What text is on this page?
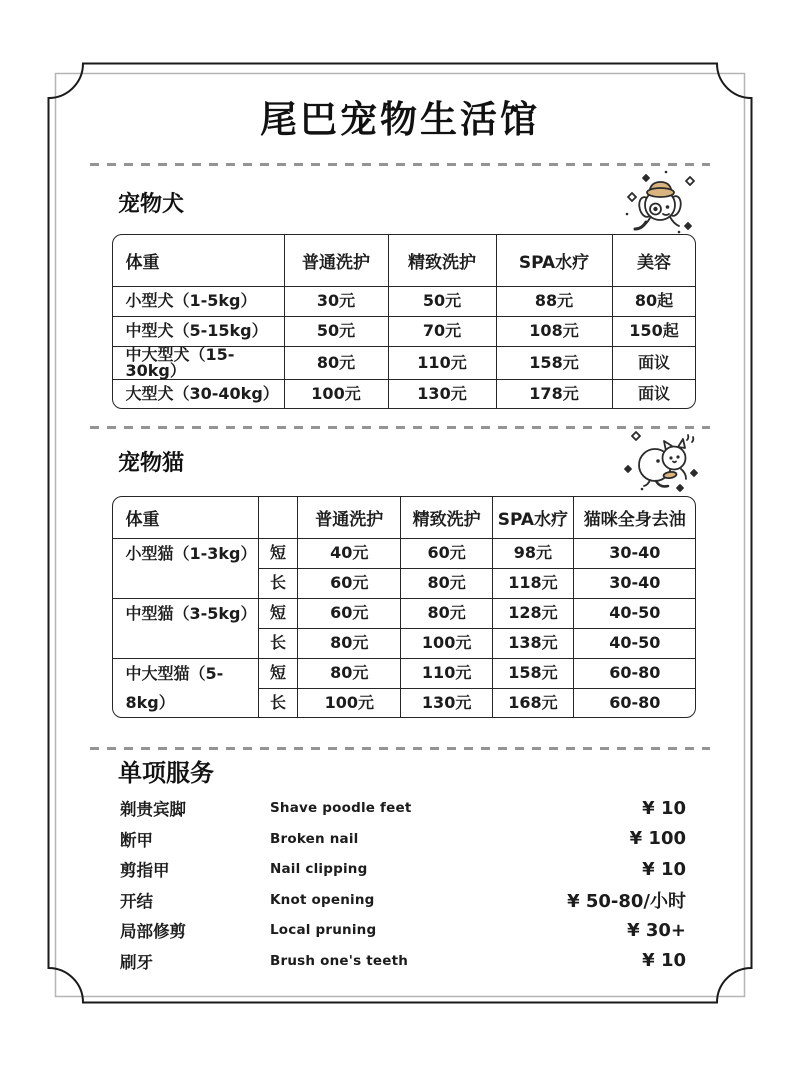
尾巴宠物生活馆
宠物犬
体重	普通洗护	精致洗护	SPA水疗	美容
小型犬（1-5kg）	30元	50元	88元	80起
中型犬（5-15kg）	50元	70元	108元	150起
中大型犬（15-30kg）	80元	110元	158元	面议
大型犬（30-40kg）	100元	130元	178元	面议
宠物猫
体重		普通洗护	精致洗护	SPA水疗	猫咪全身去油
小型猫（1-3kg）	短	40元	60元	98元	30-40
	长	60元	80元	118元	30-40
中型猫（3-5kg）	短	60元	80元	128元	40-50
	长	80元	100元	138元	40-50
中大型猫（5-8kg）	短	80元	110元	158元	60-80
	长	100元	130元	168元	60-80
单项服务
剃贵宾脚	Shave poodle feet	¥ 10
断甲	Broken nail	¥ 100
剪指甲	Nail clipping	¥ 10
开结	Knot opening	¥ 50-80/小时
局部修剪	Local pruning	¥ 30+
刷牙	Brush one's teeth	¥ 10
